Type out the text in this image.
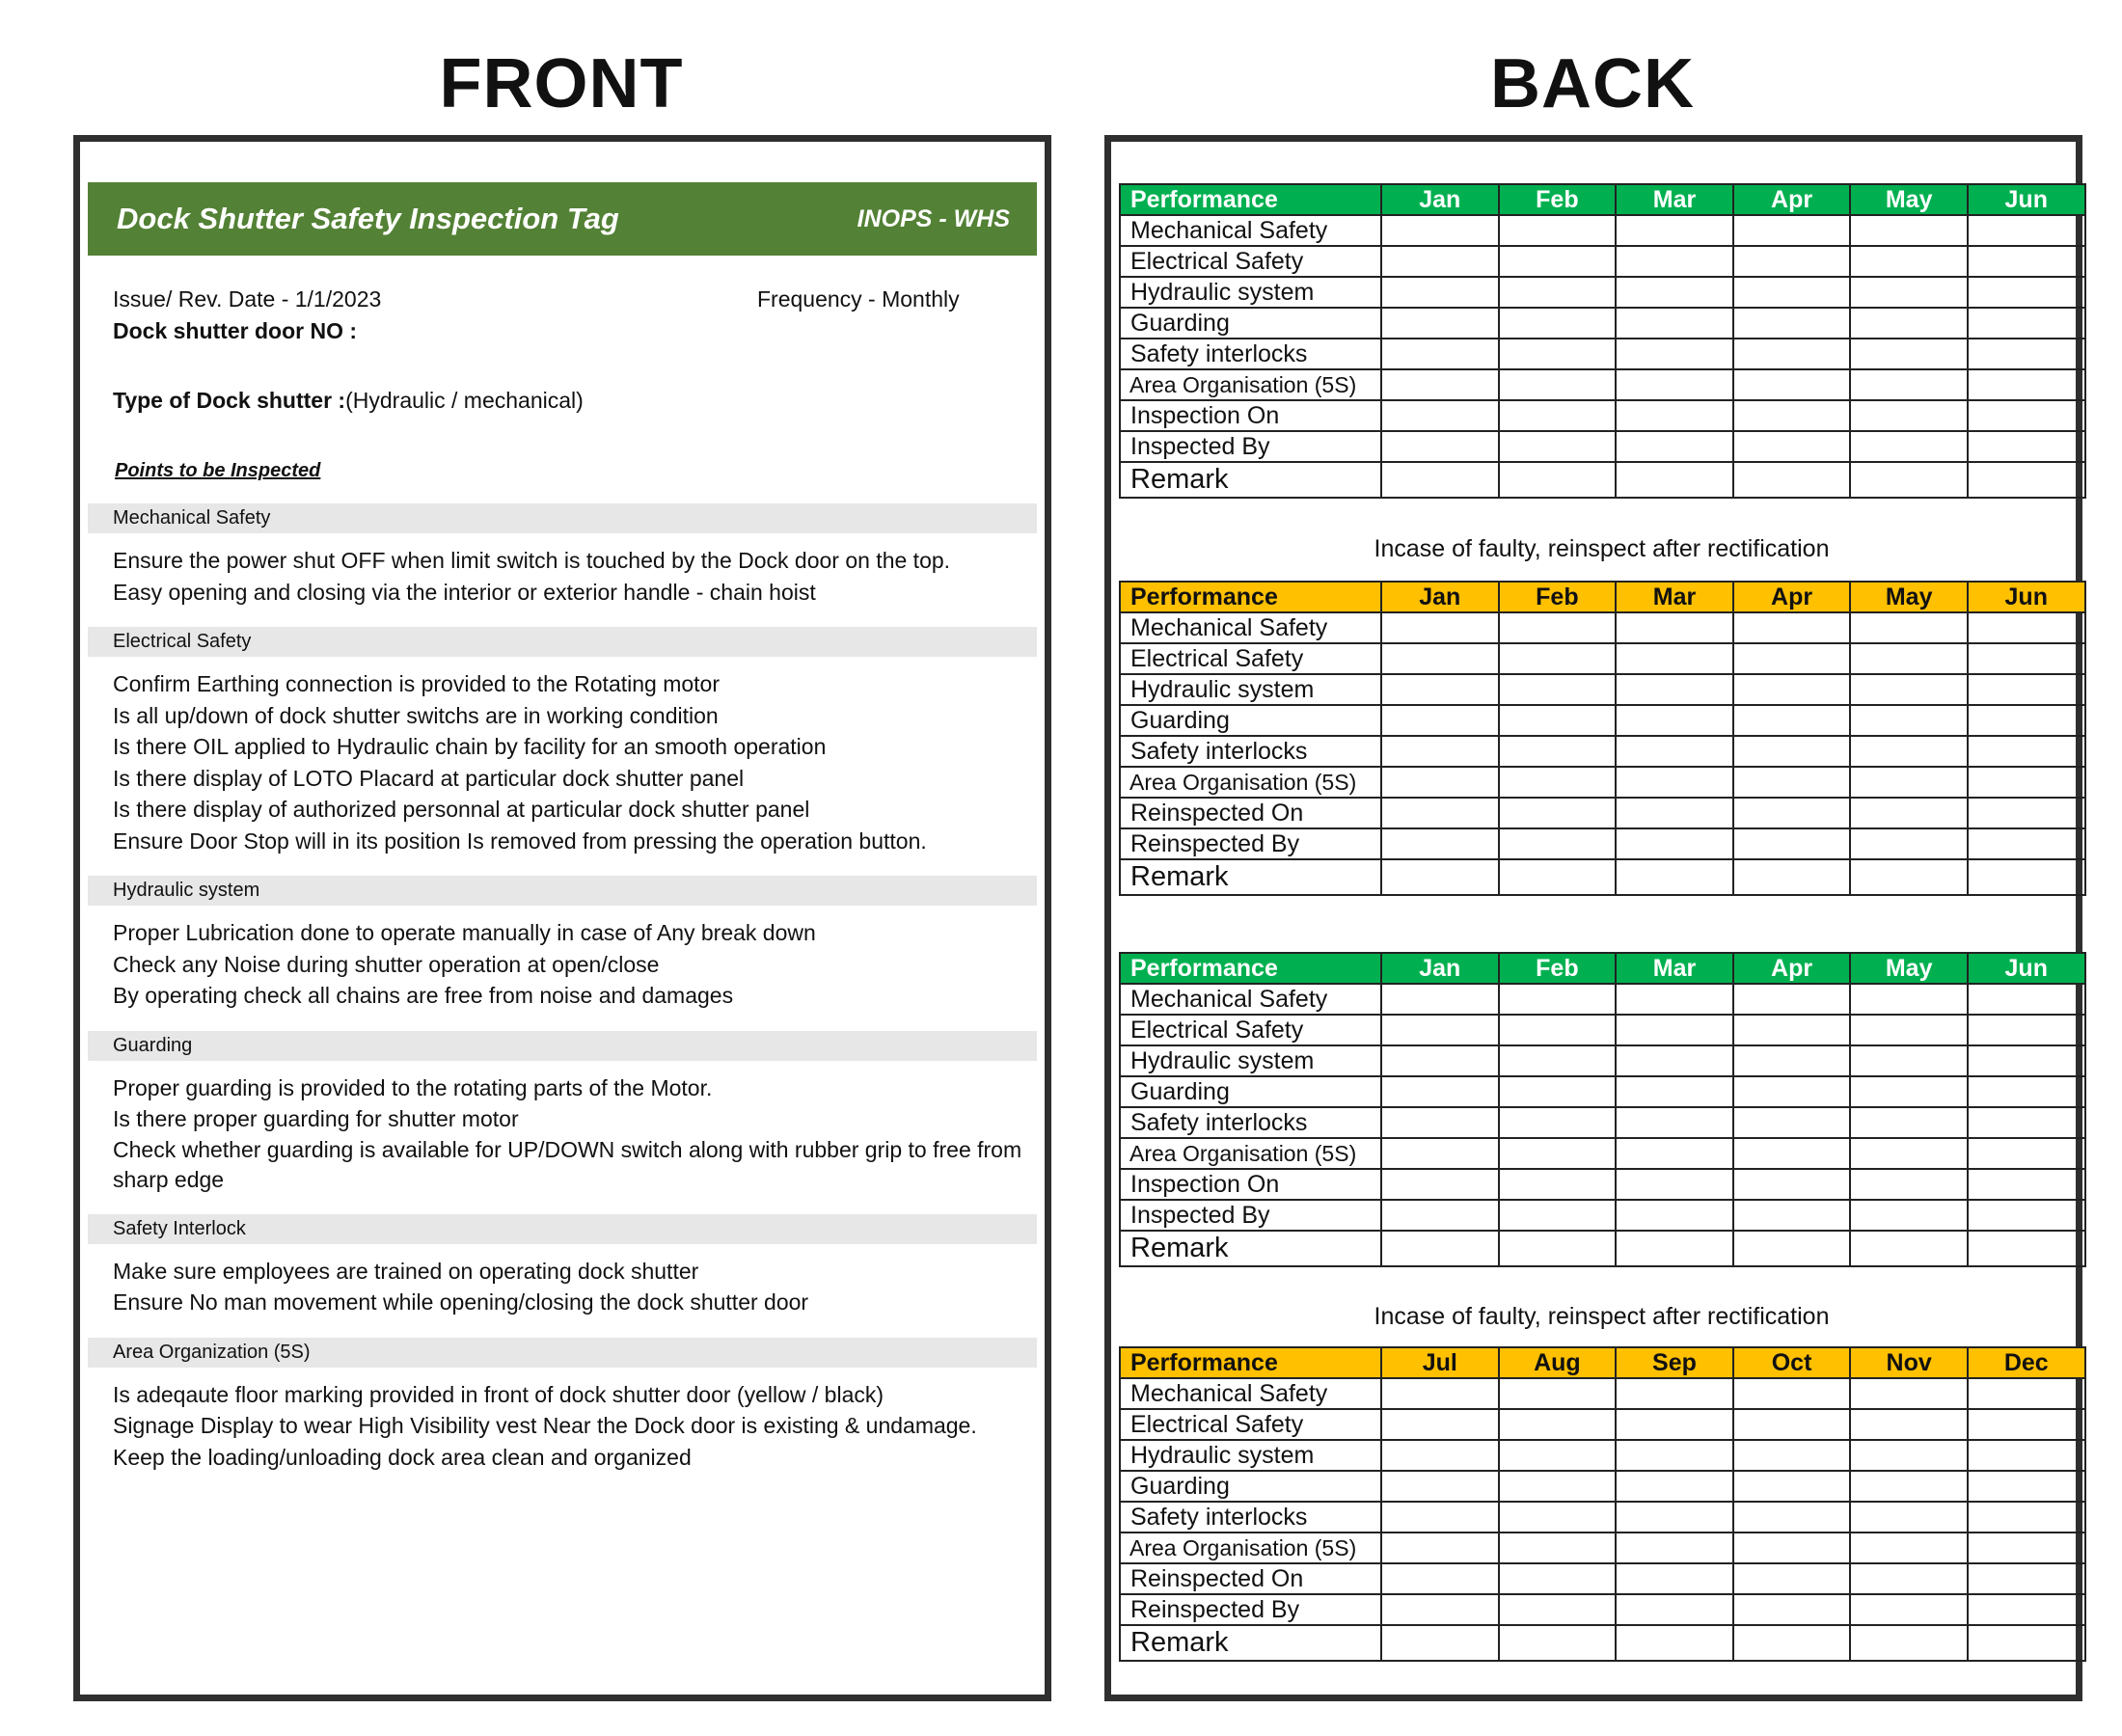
FRONT	BACK
Dock Shutter Safety Inspection Tag	INOPS - WHS
Issue/ Rev. Date - 1/1/2023	Frequency - Monthly
Dock shutter door NO :
Type of Dock shutter :(Hydraulic / mechanical)
Points to be Inspected
Mechanical Safety
Ensure the power shut OFF when limit switch is touched by the Dock door on the top.
Easy opening and closing via the interior or exterior handle - chain hoist
Electrical Safety
Confirm Earthing connection is provided to the Rotating motor
Is all up/down of dock shutter switchs are in working condition
Is there OIL applied to Hydraulic chain by facility for an smooth operation
Is there display of LOTO Placard at particular dock shutter panel
Is there display of authorized personnal at particular dock shutter panel
Ensure Door Stop will in its position Is removed from pressing the operation button.
Hydraulic system
Proper Lubrication done to operate manually in case of Any break down
Check any Noise during shutter operation at open/close
By operating check all chains are free from noise and damages
Guarding
Proper guarding is provided to the rotating parts of the Motor.
Is there proper guarding for shutter motor
Check whether guarding is available for UP/DOWN switch along with rubber grip to free from sharp edge
Safety Interlock
Make sure employees are trained on operating dock shutter
Ensure No man movement while opening/closing the dock shutter door
Area Organization (5S)
Is adeqaute floor marking provided in front of dock shutter door (yellow / black)
Signage Display to wear High Visibility vest Near the Dock door is existing & undamage.
Keep the loading/unloading dock area clean and organized
Performance	Jan	Feb	Mar	Apr	May	Jun
Mechanical Safety						
Electrical Safety						
Hydraulic system						
Guarding						
Safety interlocks						
Area Organisation (5S)						
Inspection On						
Inspected By						
Remark						
Performance	Jan	Feb	Mar	Apr	May	Jun
Mechanical Safety						
Electrical Safety						
Hydraulic system						
Guarding						
Safety interlocks						
Area Organisation (5S)						
Reinspected On						
Reinspected By						
Remark						
Performance	Jan	Feb	Mar	Apr	May	Jun
Mechanical Safety						
Electrical Safety						
Hydraulic system						
Guarding						
Safety interlocks						
Area Organisation (5S)						
Inspection On						
Inspected By						
Remark						
Performance	Jul	Aug	Sep	Oct	Nov	Dec
Mechanical Safety						
Electrical Safety						
Hydraulic system						
Guarding						
Safety interlocks						
Area Organisation (5S)						
Reinspected On						
Reinspected By						
Remark						
Incase of faulty, reinspect after rectification
Incase of faulty, reinspect after rectification
